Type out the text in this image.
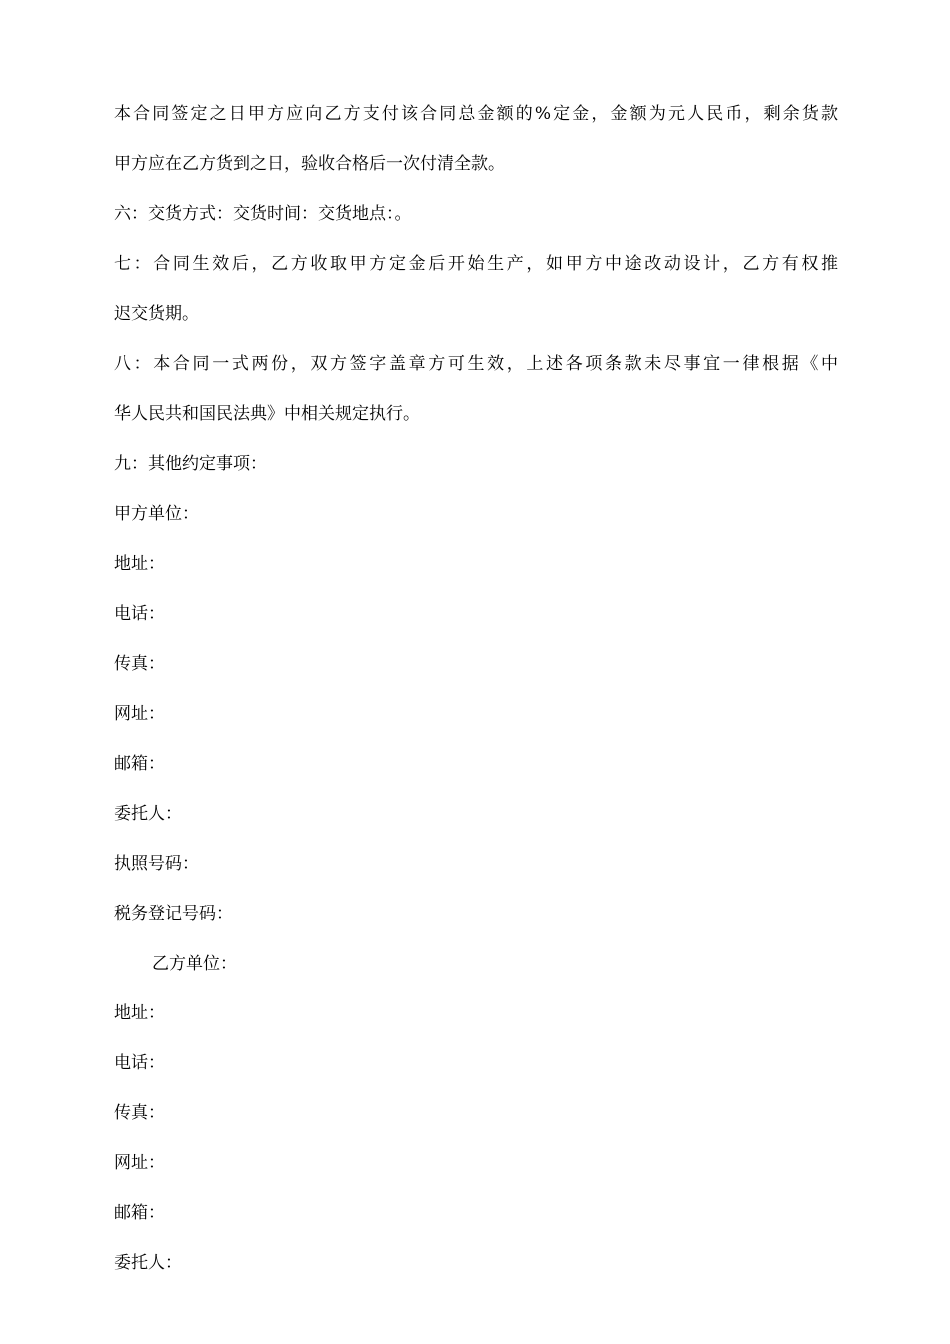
本合同签定之日甲方应向乙方支付该合同总金额的%定金，金额为元人民币，剩余货款
甲方应在乙方货到之日，验收合格后一次付清全款。
六：交货方式：交货时间：交货地点：。
七：合同生效后，乙方收取甲方定金后开始生产，如甲方中途改动设计，乙方有权推
迟交货期。
八：本合同一式两份，双方签字盖章方可生效，上述各项条款未尽事宜一律根据《中
华人民共和国民法典》中相关规定执行。
九：其他约定事项：
甲方单位：
地址：
电话：
传真：
网址：
邮箱：
委托人：
执照号码：
税务登记号码：
乙方单位：
地址：
电话：
传真：
网址：
邮箱：
委托人：
